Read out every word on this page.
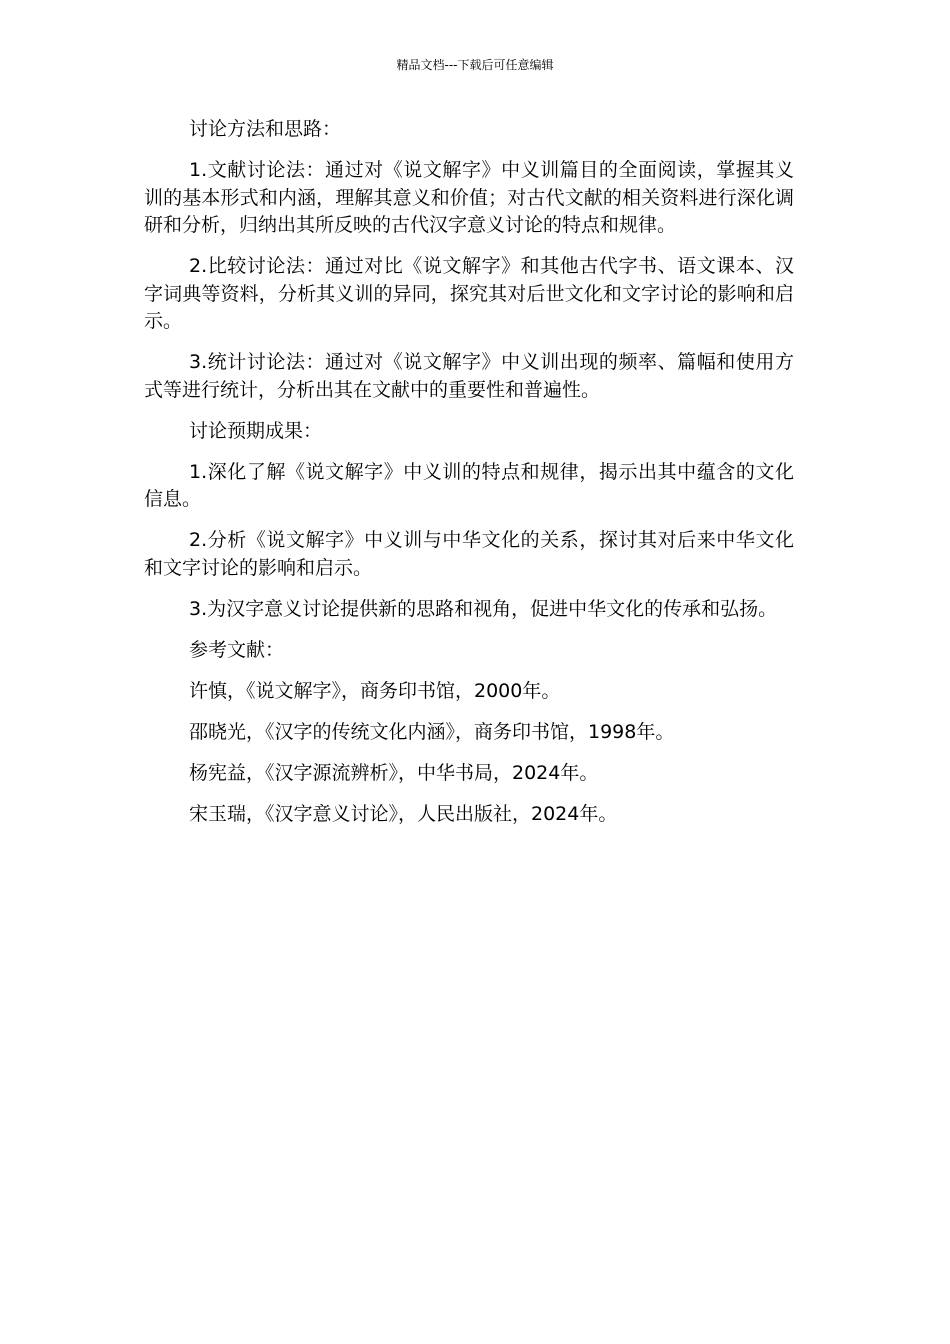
精品文档---下载后可任意编辑

讨论方法和思路：

1.文献讨论法：通过对《说文解字》中义训篇目的全面阅读，掌握其义训的基本形式和内涵，理解其意义和价值；对古代文献的相关资料进行深化调研和分析，归纳出其所反映的古代汉字意义讨论的特点和规律。

2.比较讨论法：通过对比《说文解字》和其他古代字书、语文课本、汉字词典等资料，分析其义训的异同，探究其对后世文化和文字讨论的影响和启示。

3.统计讨论法：通过对《说文解字》中义训出现的频率、篇幅和使用方式等进行统计，分析出其在文献中的重要性和普遍性。

讨论预期成果：

1.深化了解《说文解字》中义训的特点和规律，揭示出其中蕴含的文化信息。

2.分析《说文解字》中义训与中华文化的关系，探讨其对后来中华文化和文字讨论的影响和启示。

3.为汉字意义讨论提供新的思路和视角，促进中华文化的传承和弘扬。

参考文献：

许慎，《说文解字》，商务印书馆，2000年。

邵晓光，《汉字的传统文化内涵》，商务印书馆，1998年。

杨宪益，《汉字源流辨析》，中华书局，2024年。

宋玉瑞，《汉字意义讨论》，人民出版社，2024年。
